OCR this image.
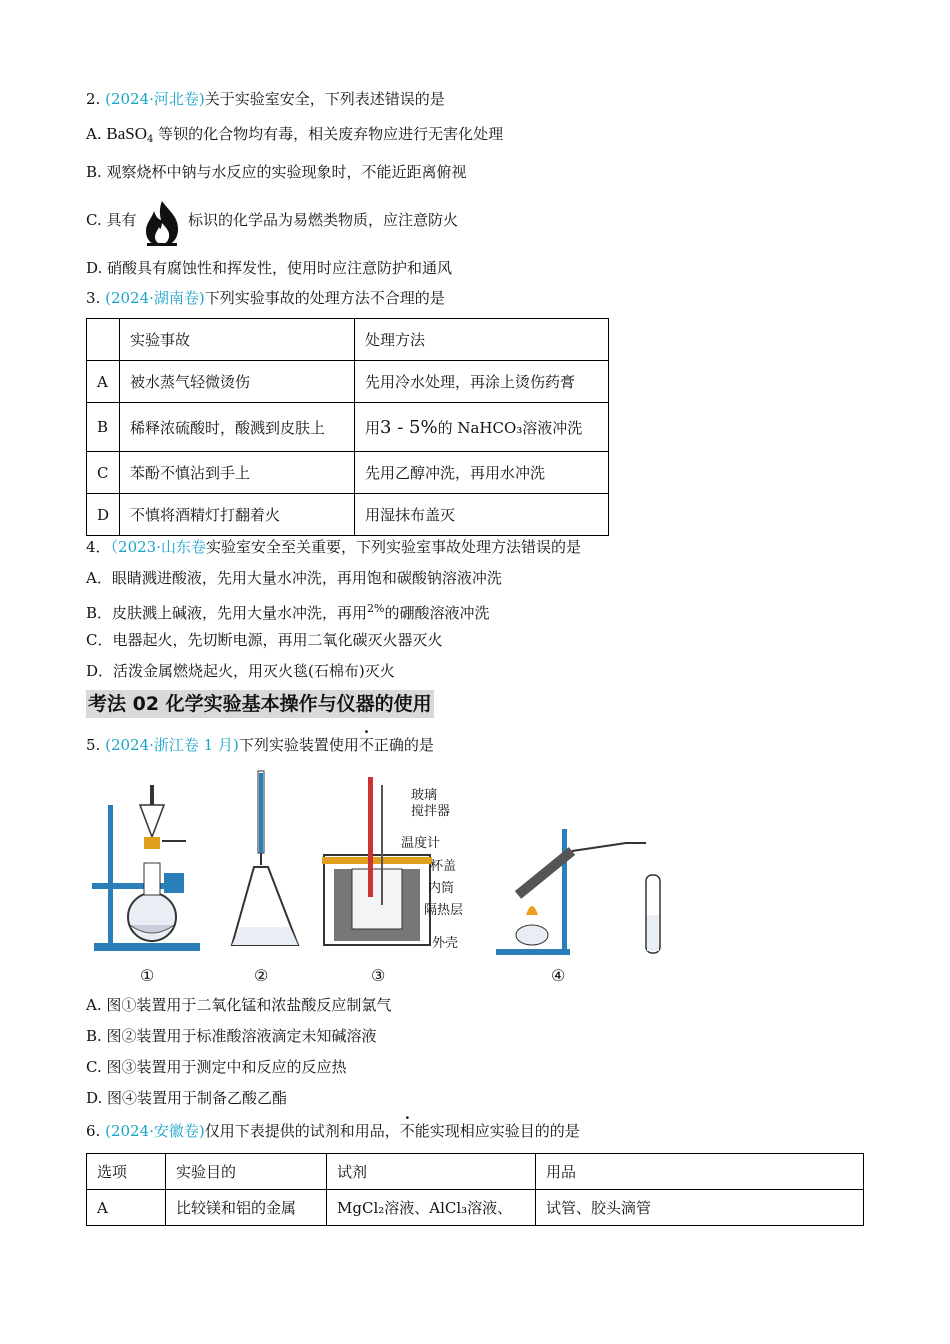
2. (2024·河北卷)关于实验室安全，下列表述错误的是
A. BaSO$_4$ 等钡的化合物均有毒，相关废弃物应进行无害化处理
B. 观察烧杯中钠与水反应的实验现象时，不能近距离俯视
C. 具有	标识的化学品为易燃类物质，应注意防火
D. 硝酸具有腐蚀性和挥发性，使用时应注意防护和通风
3. (2024·湖南卷)下列实验事故的处理方法不合理的是
	实验事故	处理方法
A	被水蒸气轻微烫伤	先用冷水处理，再涂上烫伤药膏
B	稀释浓硫酸时，酸溅到皮肤上	用3 - 5%的 NaHCO₃溶液冲洗
C	苯酚不慎沾到手上	先用乙醇冲洗，再用水冲洗
D	不慎将酒精灯打翻着火	用湿抹布盖灭
4．（2023·山东卷实验室安全至关重要，下列实验室事故处理方法错误的是
A．眼睛溅进酸液，先用大量水冲洗，再用饱和碳酸钠溶液冲洗
B．皮肤溅上碱液，先用大量水冲洗，再用$^{2\%}$的硼酸溶液冲洗
C．电器起火，先切断电源，再用二氧化碳灭火器灭火
D．活泼金属燃烧起火，用灭火毯(石棉布)灭火
考法 02 化学实验基本操作与仪器的使用
5. (2024·浙江卷 1 月)下列实验装置使用不正确的是
玻璃
搅拌器
温度计
杯盖
内筒
隔热层
外壳
①	②	③	④
A. 图①装置用于二氧化锰和浓盐酸反应制氯气
B. 图②装置用于标准酸溶液滴定未知碱溶液
C. 图③装置用于测定中和反应的反应热
D. 图④装置用于制备乙酸乙酯
6. (2024·安徽卷)仅用下表提供的试剂和用品，不能实现相应实验目的的是
选项	实验目的	试剂	用品
A	比较镁和铝的金属	MgCl₂溶液、AlCl₃溶液、	试管、胶头滴管
